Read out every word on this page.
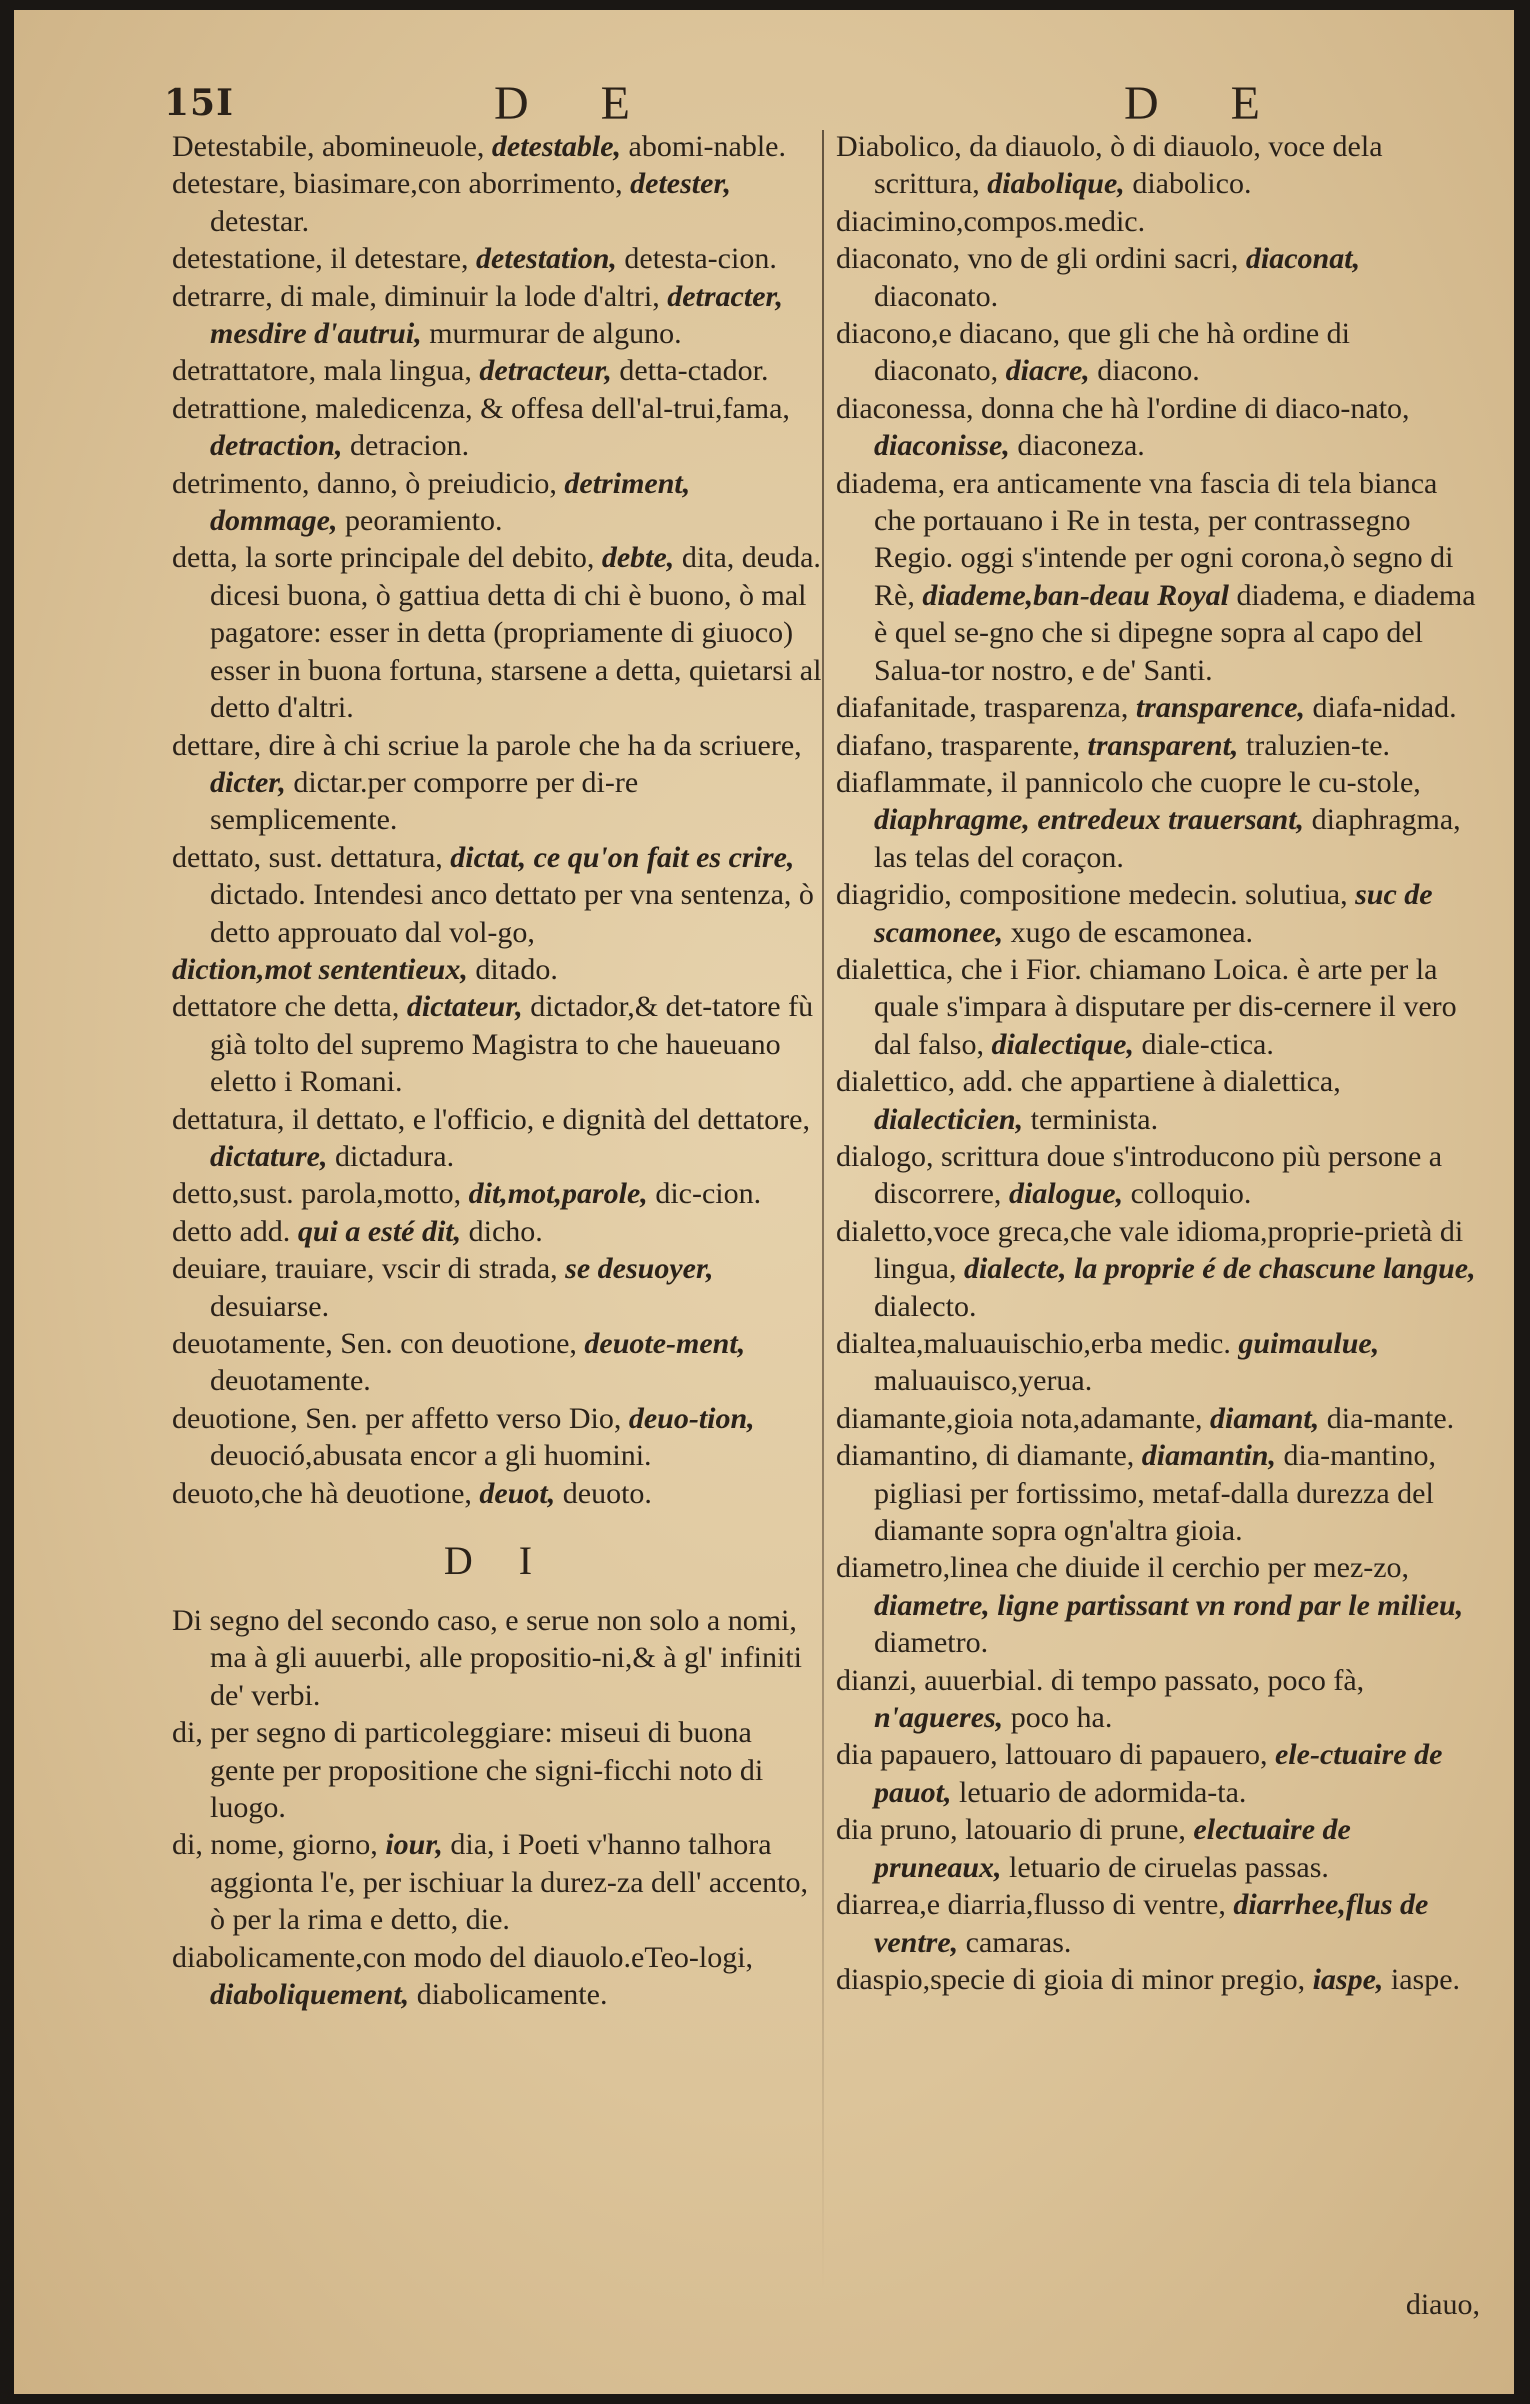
15I	D E	D E

Detestabile, abomineuole, detestable, abomi-nable.

detestare, biasimare,con aborrimento, detester, detestar.

detestatione, il detestare, detestation, detesta-cion.

detrarre, di male, diminuir la lode d'altri, detracter, mesdire d'autrui, murmurar de alguno.

detrattatore, mala lingua, detracteur, detta-ctador.

detrattione, maledicenza, & offesa dell'al-trui,fama, detraction, detracion.

detrimento, danno, ò preiudicio, detriment, dommage, peoramiento.

detta, la sorte principale del debito, debte, dita, deuda. dicesi buona, ò gattiua detta di chi è buono, ò mal pagatore: esser in detta (propriamente di giuoco) esser in buona fortuna, starsene a detta, quietarsi al detto d'altri.

dettare, dire à chi scriue la parole che ha da scriuere, dicter, dictar.per comporre per di-re semplicemente.

dettato, sust. dettatura, dictat, ce qu'on fait es crire, dictado. Intendesi anco dettato per vna sentenza, ò detto approuato dal vol-go,

diction,mot sententieux, ditado.

dettatore che detta, dictateur, dictador,& det-tatore fù già tolto del supremo Magistra to che haueuano eletto i Romani.

dettatura, il dettato, e l'officio, e dignità del dettatore, dictature, dictadura.

detto,sust. parola,motto, dit,mot,parole, dic-cion.

detto add. qui a esté dit, dicho.

deuiare, trauiare, vscir di strada, se desuoyer, desuiarse.

deuotamente, Sen. con deuotione, deuote-ment, deuotamente.

deuotione, Sen. per affetto verso Dio, deuo-tion, deuoció,abusata encor a gli huomini.

deuoto,che hà deuotione, deuot, deuoto.

D I

Di segno del secondo caso, e serue non solo a nomi, ma à gli auuerbi, alle propositio-ni,& à gl' infiniti de' verbi.

di, per segno di particoleggiare: miseui di buona gente per propositione che signi-ficchi noto di luogo.

di, nome, giorno, iour, dia, i Poeti v'hanno talhora aggionta l'e, per ischiuar la durez-za dell' accento, ò per la rima e detto, die.

diabolicamente,con modo del diauolo.eTeo-logi, diaboliquement, diabolicamente.

Diabolico, da diauolo, ò di diauolo, voce dela scrittura, diabolique, diabolico.

diacimino,compos.medic.

diaconato, vno de gli ordini sacri, diaconat, diaconato.

diacono,e diacano, que gli che hà ordine di diaconato, diacre, diacono.

diaconessa, donna che hà l'ordine di diaco-nato, diaconisse, diaconeza.

diadema, era anticamente vna fascia di tela bianca che portauano i Re in testa, per contrassegno Regio. oggi s'intende per ogni corona,ò segno di Rè, diademe,ban-deau Royal diadema, e diadema è quel se-gno che si dipegne sopra al capo del Salua-tor nostro, e de' Santi.

diafanitade, trasparenza, transparence, diafa-nidad.

diafano, trasparente, transparent, traluzien-te.

diaflammate, il pannicolo che cuopre le cu-stole, diaphragme, entredeux trauersant, diaphragma, las telas del coraçon.

diagridio, compositione medecin. solutiua, suc de scamonee, xugo de escamonea.

dialettica, che i Fior. chiamano Loica. è arte per la quale s'impara à disputare per dis-cernere il vero dal falso, dialectique, diale-ctica.

dialettico, add. che appartiene à dialettica, dialecticien, terminista.

dialogo, scrittura doue s'introducono più persone a discorrere, dialogue, colloquio.

dialetto,voce greca,che vale idioma,proprie-prietà di lingua, dialecte, la proprie é de chascune langue, dialecto.

dialtea,maluauischio,erba medic. guimaulue, maluauisco,yerua.

diamante,gioia nota,adamante, diamant, dia-mante.

diamantino, di diamante, diamantin, dia-mantino, pigliasi per fortissimo, metaf-dalla durezza del diamante sopra ogn'altra gioia.

diametro,linea che diuide il cerchio per mez-zo, diametre, ligne partissant vn rond par le milieu, diametro.

dianzi, auuerbial. di tempo passato, poco fà, n'agueres, poco ha.

dia papauero, lattouaro di papauero, ele-ctuaire de pauot, letuario de adormida-ta.

dia pruno, latouario di prune, electuaire de pruneaux, letuario de ciruelas passas.

diarrea,e diarria,flusso di ventre, diarrhee,flus de ventre, camaras.

diaspio,specie di gioia di minor pregio, iaspe, iaspe.

diauo,
